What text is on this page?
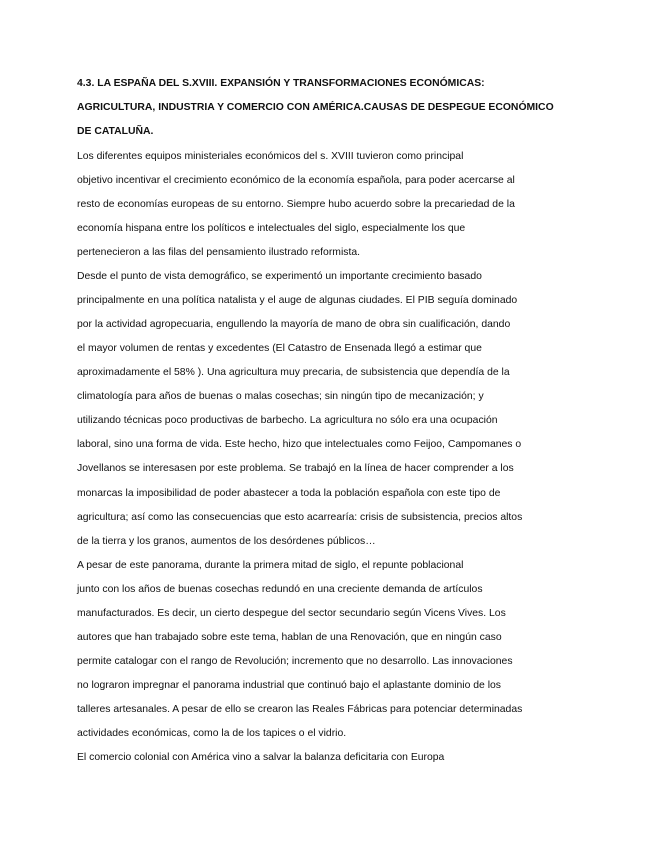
4.3. LA ESPAÑA DEL S.XVIII. EXPANSIÓN Y TRANSFORMACIONES ECONÓMICAS:
AGRICULTURA, INDUSTRIA Y COMERCIO CON AMÉRICA.CAUSAS DE DESPEGUE ECONÓMICO
DE CATALUÑA.
Los diferentes equipos ministeriales económicos del s. XVIII tuvieron como principal
objetivo incentivar el crecimiento económico de la economía española, para poder acercarse al
resto de economías europeas de su entorno. Siempre hubo acuerdo sobre la precariedad de la
economía hispana entre los políticos e intelectuales del siglo, especialmente los que
pertenecieron a las filas del pensamiento ilustrado reformista.
Desde el punto de vista demográfico, se experimentó un importante crecimiento basado
principalmente en una política natalista y el auge de algunas ciudades. El PIB seguía dominado
por la actividad agropecuaria, engullendo la mayoría de mano de obra sin cualificación, dando
el mayor volumen de rentas y excedentes (El Catastro de Ensenada llegó a estimar que
aproximadamente el 58% ). Una agricultura muy precaria, de subsistencia que dependía de la
climatología para años de buenas o malas cosechas; sin ningún tipo de mecanización; y
utilizando técnicas poco productivas de barbecho. La agricultura no sólo era una ocupación
laboral, sino una forma de vida. Este hecho, hizo que intelectuales como Feijoo, Campomanes o
Jovellanos se interesasen por este problema. Se trabajó en la línea de hacer comprender a los
monarcas la imposibilidad de poder abastecer a toda la población española con este tipo de
agricultura; así como las consecuencias que esto acarrearía: crisis de subsistencia, precios altos
de la tierra y los granos, aumentos de los desórdenes públicos…
A pesar de este panorama, durante la primera mitad de siglo, el repunte poblacional
junto con los años de buenas cosechas redundó en una creciente demanda de artículos
manufacturados. Es decir, un cierto despegue del sector secundario según Vicens Vives. Los
autores que han trabajado sobre este tema, hablan de una Renovación, que en ningún caso
permite catalogar con el rango de Revolución; incremento que no desarrollo. Las innovaciones
no lograron impregnar el panorama industrial que continuó bajo el aplastante dominio de los
talleres artesanales. A pesar de ello se crearon las Reales Fábricas para potenciar determinadas
actividades económicas, como la de los tapices o el vidrio.
El comercio colonial con América vino a salvar la balanza deficitaria con Europa
